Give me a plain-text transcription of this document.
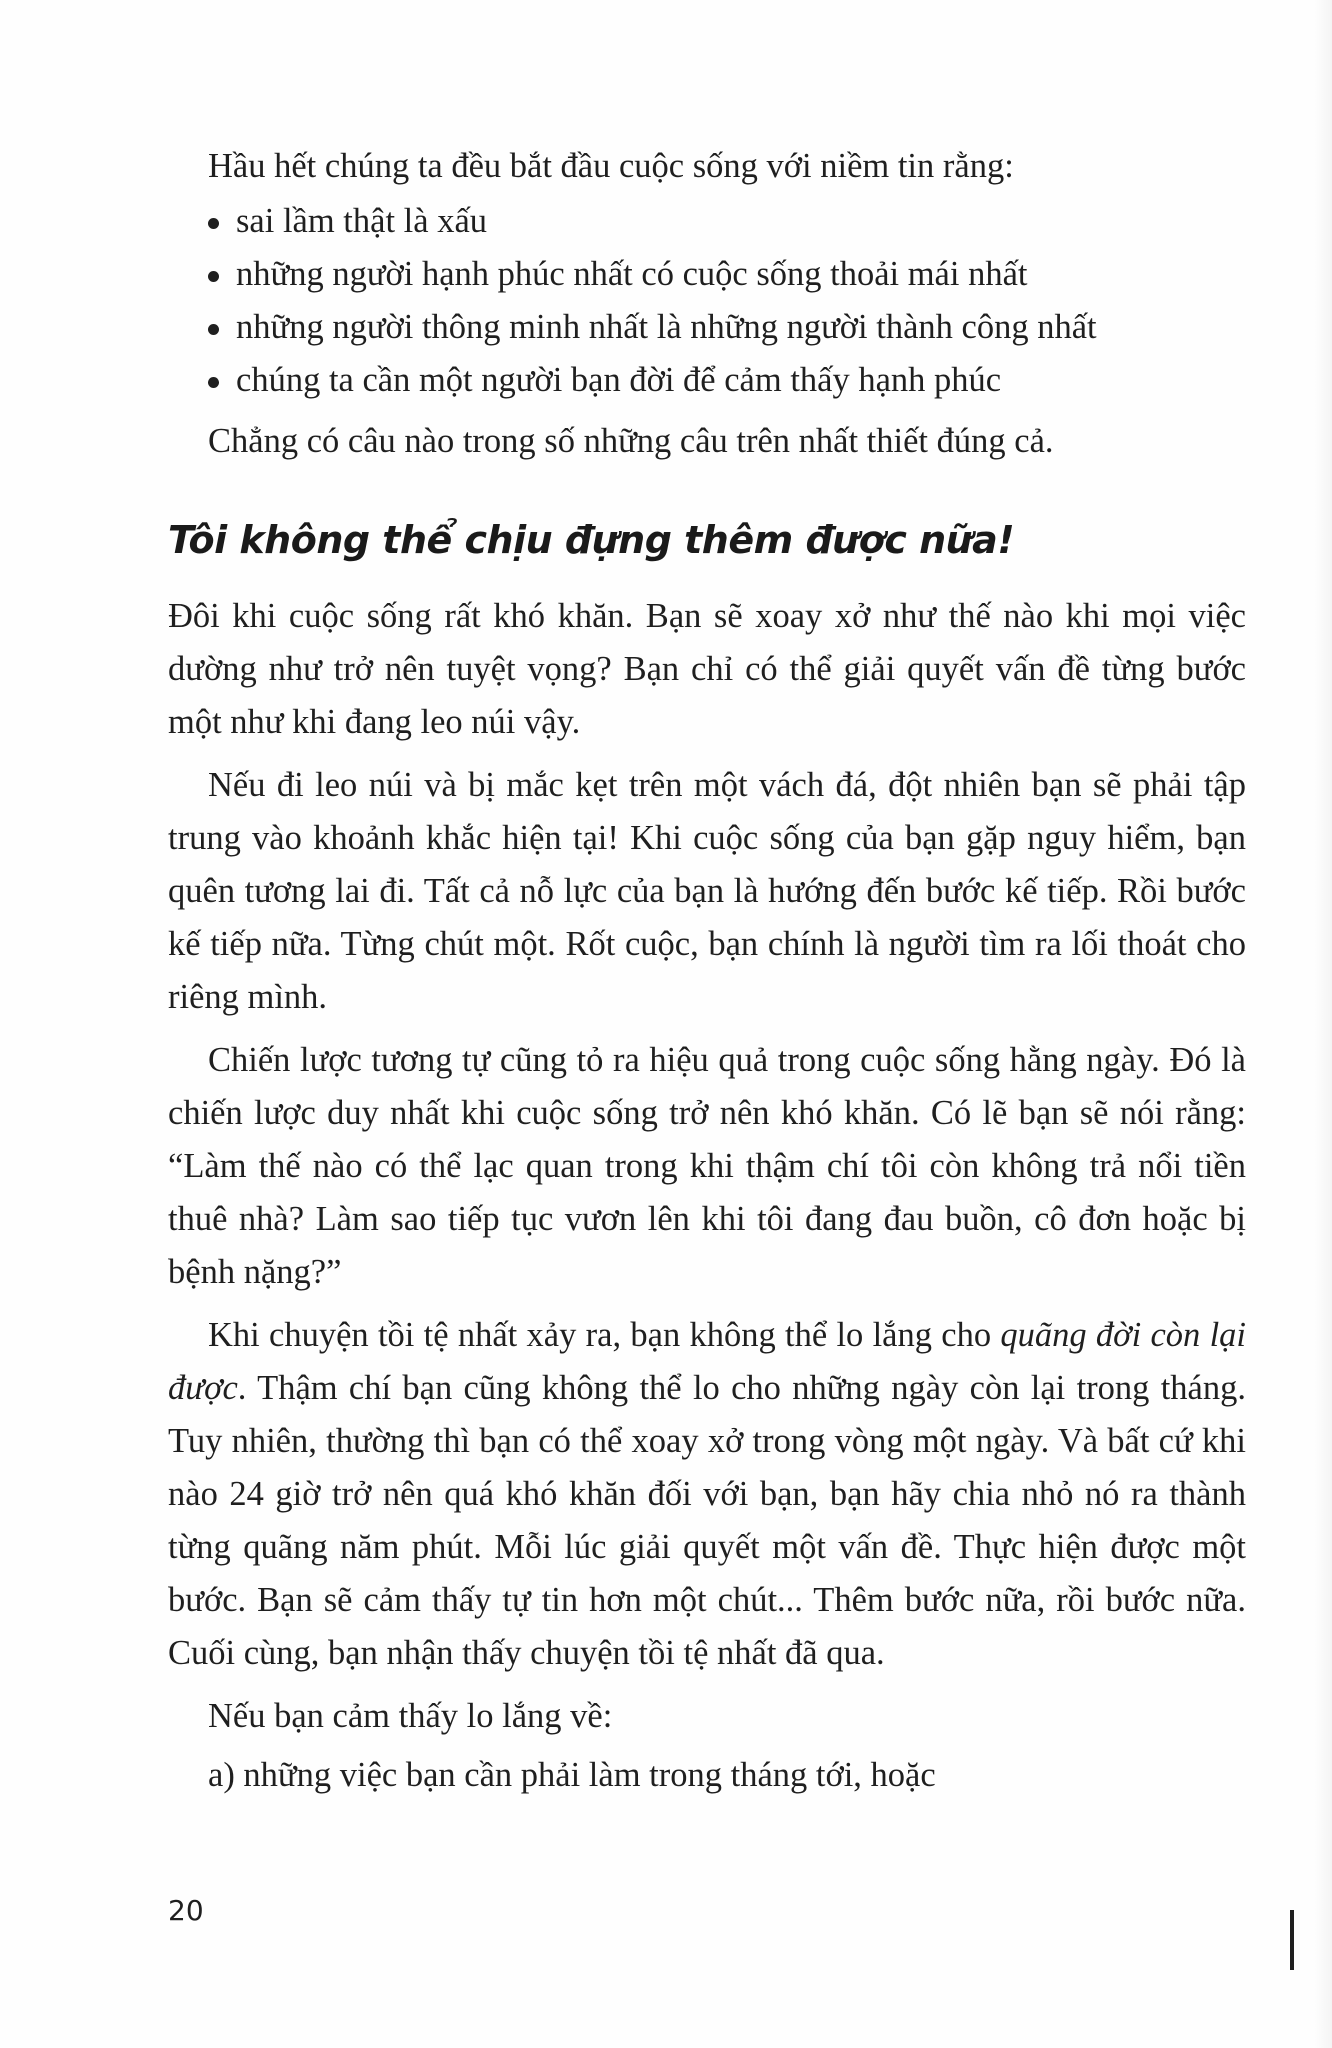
Hầu hết chúng ta đều bắt đầu cuộc sống với niềm tin rằng:

sai lầm thật là xấu
những người hạnh phúc nhất có cuộc sống thoải mái nhất
những người thông minh nhất là những người thành công nhất
chúng ta cần một người bạn đời để cảm thấy hạnh phúc

Chẳng có câu nào trong số những câu trên nhất thiết đúng cả.

Tôi không thể chịu đựng thêm được nữa!

Đôi khi cuộc sống rất khó khăn. Bạn sẽ xoay xở như thế nào khi mọi việc dường như trở nên tuyệt vọng? Bạn chỉ có thể giải quyết vấn đề từng bước một như khi đang leo núi vậy.

Nếu đi leo núi và bị mắc kẹt trên một vách đá, đột nhiên bạn sẽ phải tập trung vào khoảnh khắc hiện tại! Khi cuộc sống của bạn gặp nguy hiểm, bạn quên tương lai đi. Tất cả nỗ lực của bạn là hướng đến bước kế tiếp. Rồi bước kế tiếp nữa. Từng chút một. Rốt cuộc, bạn chính là người tìm ra lối thoát cho riêng mình.

Chiến lược tương tự cũng tỏ ra hiệu quả trong cuộc sống hằng ngày. Đó là chiến lược duy nhất khi cuộc sống trở nên khó khăn. Có lẽ bạn sẽ nói rằng: “Làm thế nào có thể lạc quan trong khi thậm chí tôi còn không trả nổi tiền thuê nhà? Làm sao tiếp tục vươn lên khi tôi đang đau buồn, cô đơn hoặc bị bệnh nặng?”

Khi chuyện tồi tệ nhất xảy ra, bạn không thể lo lắng cho quãng đời còn lại được. Thậm chí bạn cũng không thể lo cho những ngày còn lại trong tháng. Tuy nhiên, thường thì bạn có thể xoay xở trong vòng một ngày. Và bất cứ khi nào 24 giờ trở nên quá khó khăn đối với bạn, bạn hãy chia nhỏ nó ra thành từng quãng năm phút. Mỗi lúc giải quyết một vấn đề. Thực hiện được một bước. Bạn sẽ cảm thấy tự tin hơn một chút... Thêm bước nữa, rồi bước nữa. Cuối cùng, bạn nhận thấy chuyện tồi tệ nhất đã qua.

Nếu bạn cảm thấy lo lắng về:

a) những việc bạn cần phải làm trong tháng tới, hoặc

20
